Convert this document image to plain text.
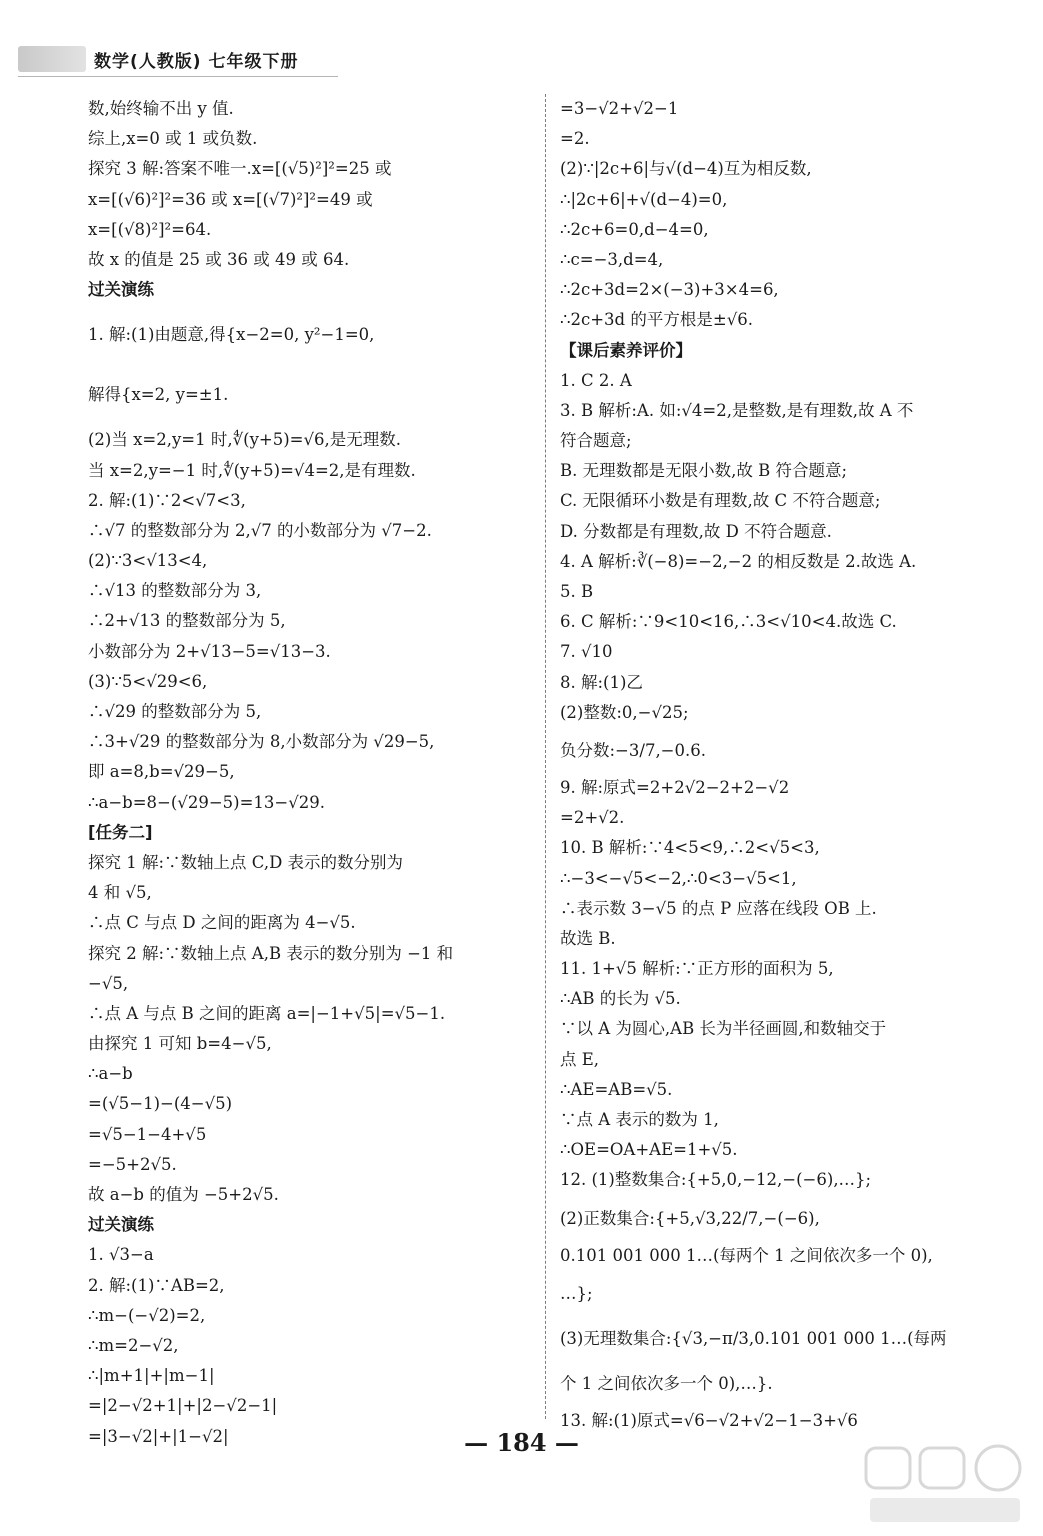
数学(人教版) 七年级下册
数,始终输不出 y 值.
综上,x=0 或 1 或负数.
探究 3 解:答案不唯一.x=[(√5)²]²=25 或
x=[(√6)²]²=36 或 x=[(√7)²]²=49 或
x=[(√8)²]²=64.
故 x 的值是 25 或 36 或 49 或 64.
过关演练
1. 解:(1)由题意,得{x−2=0, y²−1=0,
解得{x=2, y=±1.
(2)当 x=2,y=1 时,∜(y+5)=√6,是无理数.
当 x=2,y=−1 时,∜(y+5)=√4=2,是有理数.
2. 解:(1)∵2<√7<3,
∴√7 的整数部分为 2,√7 的小数部分为 √7−2.
(2)∵3<√13<4,
∴√13 的整数部分为 3,
∴2+√13 的整数部分为 5,
小数部分为 2+√13−5=√13−3.
(3)∵5<√29<6,
∴√29 的整数部分为 5,
∴3+√29 的整数部分为 8,小数部分为 √29−5,
即 a=8,b=√29−5,
∴a−b=8−(√29−5)=13−√29.
[任务二]
探究 1 解:∵数轴上点 C,D 表示的数分别为
4 和 √5,
∴点 C 与点 D 之间的距离为 4−√5.
探究 2 解:∵数轴上点 A,B 表示的数分别为 −1 和
−√5,
∴点 A 与点 B 之间的距离 a=|−1+√5|=√5−1.
由探究 1 可知 b=4−√5,
∴a−b
=(√5−1)−(4−√5)
=√5−1−4+√5
=−5+2√5.
故 a−b 的值为 −5+2√5.
过关演练
1. √3−a
2. 解:(1)∵AB=2,
∴m−(−√2)=2,
∴m=2−√2,
∴|m+1|+|m−1|
=|2−√2+1|+|2−√2−1|
=|3−√2|+|1−√2|
=3−√2+√2−1
=2.
(2)∵|2c+6|与√(d−4)互为相反数,
∴|2c+6|+√(d−4)=0,
∴2c+6=0,d−4=0,
∴c=−3,d=4,
∴2c+3d=2×(−3)+3×4=6,
∴2c+3d 的平方根是±√6.
【课后素养评价】
1. C 2. A
3. B 解析:A. 如:√4=2,是整数,是有理数,故 A 不
符合题意;
B. 无理数都是无限小数,故 B 符合题意;
C. 无限循环小数是有理数,故 C 不符合题意;
D. 分数都是有理数,故 D 不符合题意.
4. A 解析:∛(−8)=−2,−2 的相反数是 2.故选 A.
5. B
6. C 解析:∵9<10<16,∴3<√10<4.故选 C.
7. √10
8. 解:(1)乙
(2)整数:0,−√25;
负分数:−3/7,−0.6.
9. 解:原式=2+2√2−2+2−√2
=2+√2.
10. B 解析:∵4<5<9,∴2<√5<3,
∴−3<−√5<−2,∴0<3−√5<1,
∴表示数 3−√5 的点 P 应落在线段 OB 上.
故选 B.
11. 1+√5 解析:∵正方形的面积为 5,
∴AB 的长为 √5.
∵以 A 为圆心,AB 长为半径画圆,和数轴交于
点 E,
∴AE=AB=√5.
∵点 A 表示的数为 1,
∴OE=OA+AE=1+√5.
12. (1)整数集合:{+5,0,−12,−(−6),…};
(2)正数集合:{+5,√3,22/7,−(−6),
0.101 001 000 1…(每两个 1 之间依次多一个 0),
…};
(3)无理数集合:{√3,−π/3,0.101 001 000 1…(每两
个 1 之间依次多一个 0),…}.
13. 解:(1)原式=√6−√2+√2−1−3+√6
— 184 —
